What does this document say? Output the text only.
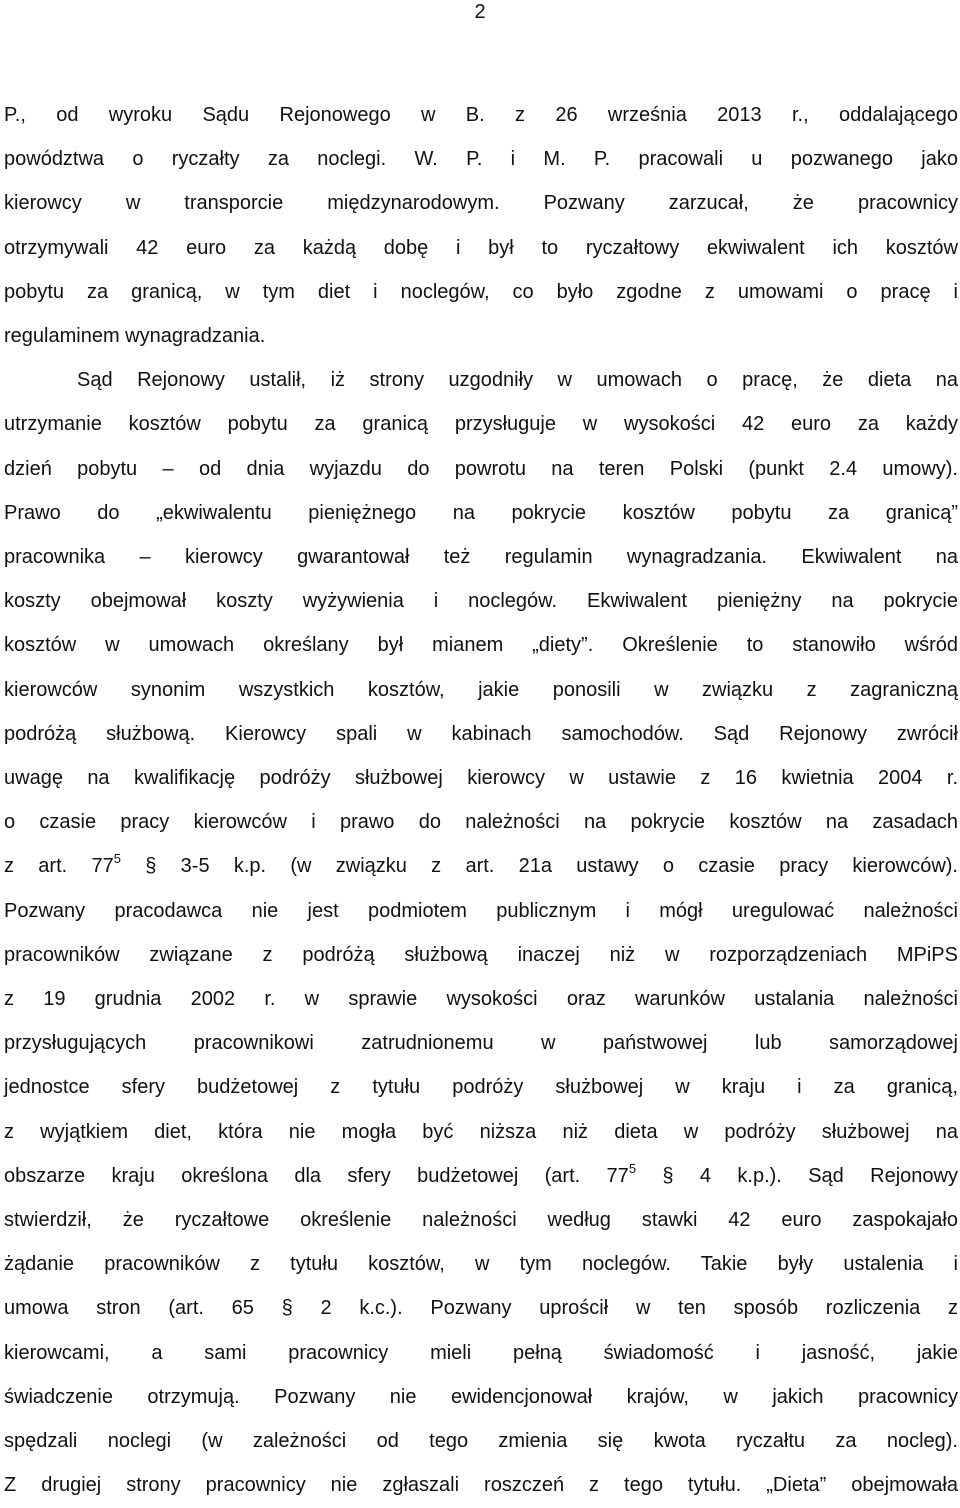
2
P., od wyroku Sądu Rejonowego w B. z 26 września 2013 r., oddalającego
powództwa o ryczałty za noclegi. W. P. i M. P. pracowali u pozwanego jako
kierowcy w transporcie międzynarodowym. Pozwany zarzucał, że pracownicy
otrzymywali 42 euro za każdą dobę i był to ryczałtowy ekwiwalent ich kosztów
pobytu za granicą, w tym diet i noclegów, co było zgodne z umowami o pracę i
regulaminem wynagradzania.
Sąd Rejonowy ustalił, iż strony uzgodniły w umowach o pracę, że dieta na
utrzymanie kosztów pobytu za granicą przysługuje w wysokości 42 euro za każdy
dzień pobytu – od dnia wyjazdu do powrotu na teren Polski (punkt 2.4 umowy).
Prawo do „ekwiwalentu pieniężnego na pokrycie kosztów pobytu za granicą”
pracownika – kierowcy gwarantował też regulamin wynagradzania. Ekwiwalent na
koszty obejmował koszty wyżywienia i noclegów. Ekwiwalent pieniężny na pokrycie
kosztów w umowach określany był mianem „diety”. Określenie to stanowiło wśród
kierowców synonim wszystkich kosztów, jakie ponosili w związku z zagraniczną
podróżą służbową. Kierowcy spali w kabinach samochodów. Sąd Rejonowy zwrócił
uwagę na kwalifikację podróży służbowej kierowcy w ustawie z 16 kwietnia 2004 r.
o czasie pracy kierowców i prawo do należności na pokrycie kosztów na zasadach
z art. $77^5$ § 3-5 k.p. (w związku z art. 21a ustawy o czasie pracy kierowców).
Pozwany pracodawca nie jest podmiotem publicznym i mógł uregulować należności
pracowników związane z podróżą służbową inaczej niż w rozporządzeniach MPiPS
z 19 grudnia 2002 r. w sprawie wysokości oraz warunków ustalania należności
przysługujących pracownikowi zatrudnionemu w państwowej lub samorządowej
jednostce sfery budżetowej z tytułu podróży służbowej w kraju i za granicą,
z wyjątkiem diet, która nie mogła być niższa niż dieta w podróży służbowej na
obszarze kraju określona dla sfery budżetowej (art. $77^5$ § 4 k.p.). Sąd Rejonowy
stwierdził, że ryczałtowe określenie należności według stawki 42 euro zaspokajało
żądanie pracowników z tytułu kosztów, w tym noclegów. Takie były ustalenia i
umowa stron (art. 65 § 2 k.c.). Pozwany uprościł w ten sposób rozliczenia z
kierowcami, a sami pracownicy mieli pełną świadomość i jasność, jakie
świadczenie otrzymują. Pozwany nie ewidencjonował krajów, w jakich pracownicy
spędzali noclegi (w zależności od tego zmienia się kwota ryczałtu za nocleg).
Z drugiej strony pracownicy nie zgłaszali roszczeń z tego tytułu. „Dieta” obejmowała
